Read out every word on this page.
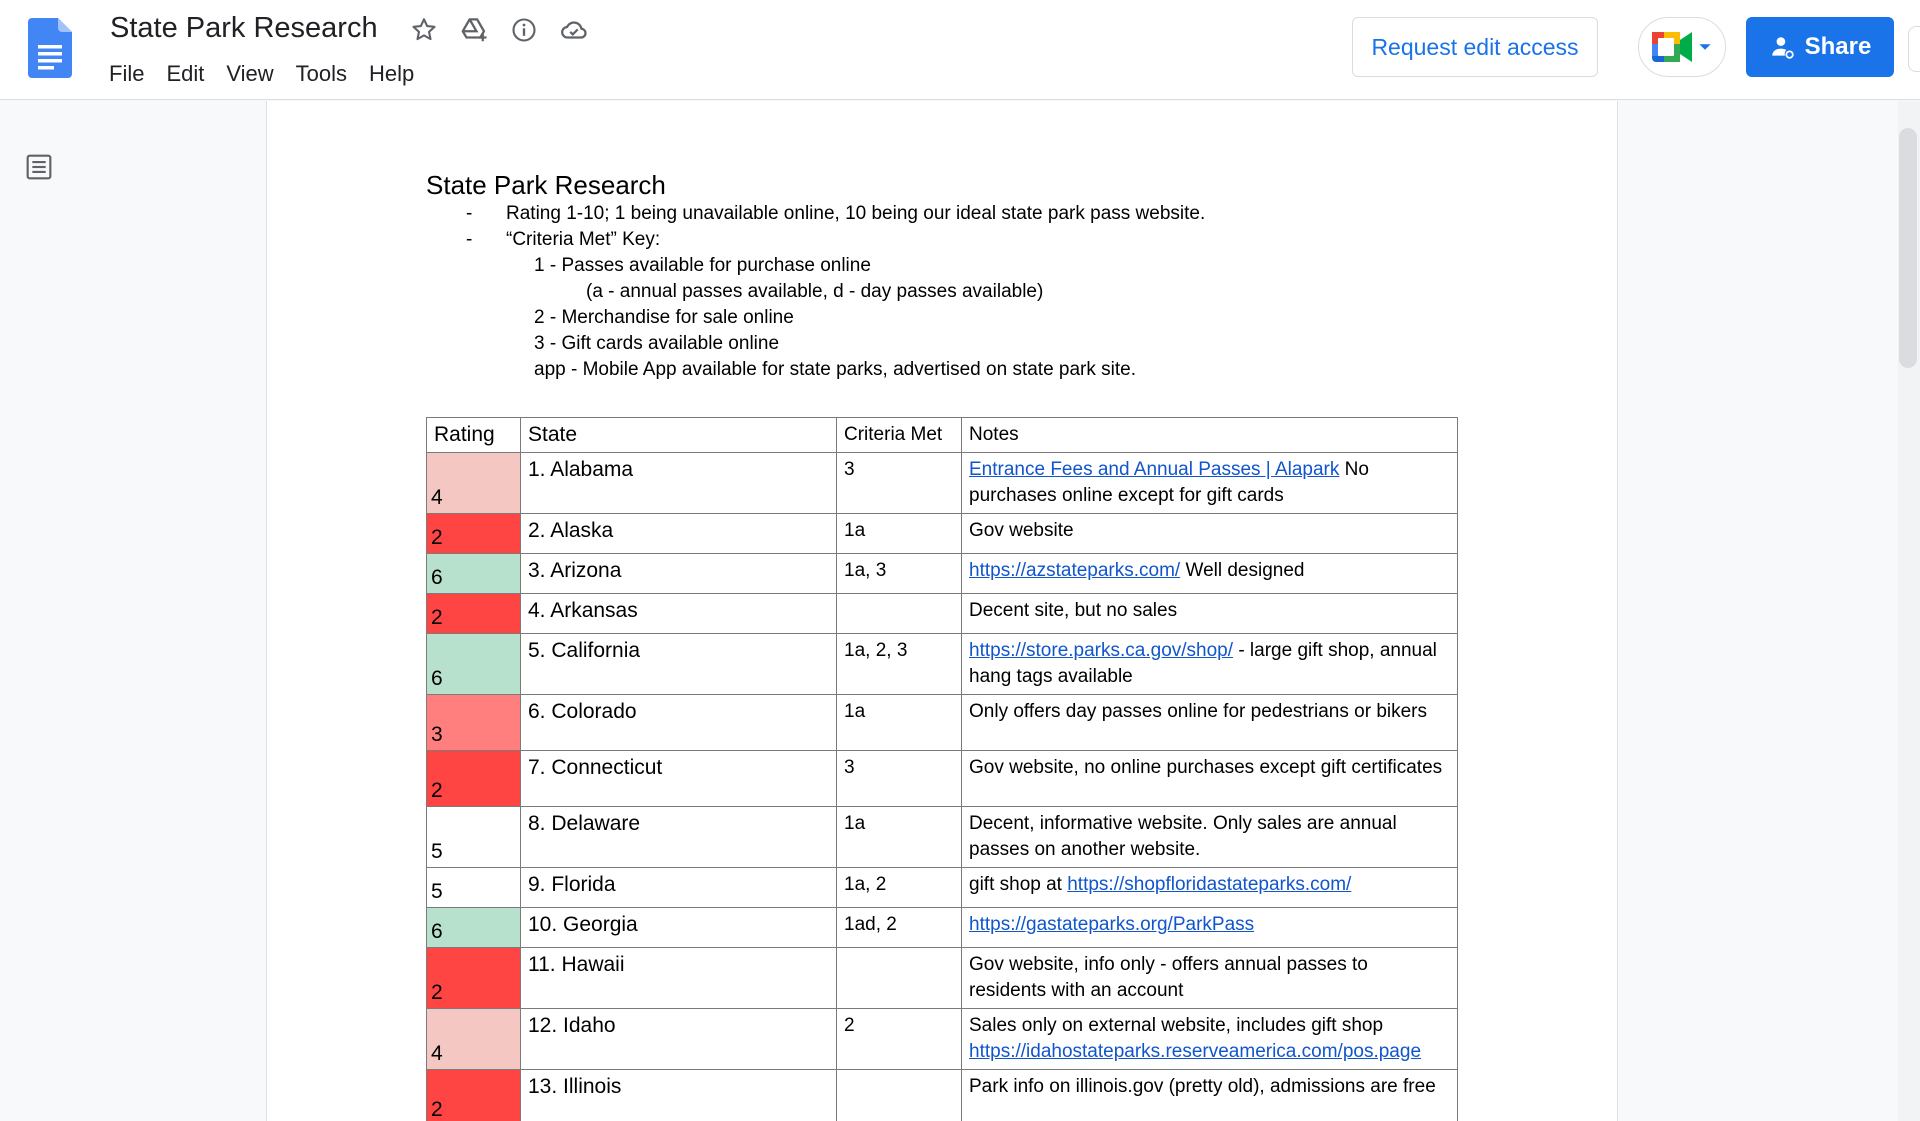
State Park Research
File	Edit	View	Tools	Help
Request edit access	Share
State Park Research
- Rating 1-10; 1 being unavailable online, 10 being our ideal state park pass website.
- “Criteria Met” Key:
1 - Passes available for purchase online
(a - annual passes available, d - day passes available)
2 - Merchandise for sale online
3 - Gift cards available online
app - Mobile App available for state parks, advertised on state park site.
Rating	State	Criteria Met	Notes
4	1. Alabama	3	Entrance Fees and Annual Passes | Alapark No purchases online except for gift cards
2	2. Alaska	1a	Gov website
6	3. Arizona	1a, 3	https://azstateparks.com/ Well designed
2	4. Arkansas		Decent site, but no sales
6	5. California	1a, 2, 3	https://store.parks.ca.gov/shop/ - large gift shop, annual hang tags available
3	6. Colorado	1a	Only offers day passes online for pedestrians or bikers
2	7. Connecticut	3	Gov website, no online purchases except gift certificates
5	8. Delaware	1a	Decent, informative website. Only sales are annual passes on another website.
5	9. Florida	1a, 2	gift shop at https://shopfloridastateparks.com/
6	10. Georgia	1ad, 2	https://gastateparks.org/ParkPass
2	11. Hawaii		Gov website, info only - offers annual passes to residents with an account
4	12. Idaho	2	Sales only on external website, includes gift shop https://idahostateparks.reserveamerica.com/pos.page
2	13. Illinois		Park info on illinois.gov (pretty old), admissions are free
